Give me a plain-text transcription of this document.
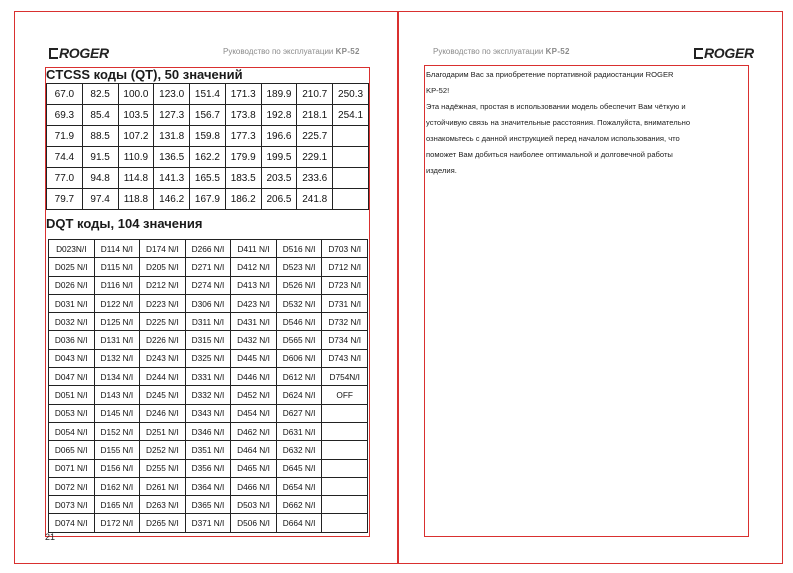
ROGER	Руководство по эксплуатации KP-52
CTCSS коды (QT), 50 значений
67.0	82.5	100.0	123.0	151.4	171.3	189.9	210.7	250.3
69.3	85.4	103.5	127.3	156.7	173.8	192.8	218.1	254.1
71.9	88.5	107.2	131.8	159.8	177.3	196.6	225.7	
74.4	91.5	110.9	136.5	162.2	179.9	199.5	229.1	
77.0	94.8	114.8	141.3	165.5	183.5	203.5	233.6	
79.7	97.4	118.8	146.2	167.9	186.2	206.5	241.8	
DQT коды, 104 значения
D023N/I	D114 N/I	D174 N/I	D266 N/I	D411 N/I	D516 N/I	D703 N/I
D025 N/I	D115 N/I	D205 N/I	D271 N/I	D412 N/I	D523 N/I	D712 N/I
D026 N/I	D116 N/I	D212 N/I	D274 N/I	D413 N/I	D526 N/I	D723 N/I
D031 N/I	D122 N/I	D223 N/I	D306 N/I	D423 N/I	D532 N/I	D731 N/I
D032 N/I	D125 N/I	D225 N/I	D311 N/I	D431 N/I	D546 N/I	D732 N/I
D036 N/I	D131 N/I	D226 N/I	D315 N/I	D432 N/I	D565 N/I	D734 N/I
D043 N/I	D132 N/I	D243 N/I	D325 N/I	D445 N/I	D606 N/I	D743 N/I
D047 N/I	D134 N/I	D244 N/I	D331 N/I	D446 N/I	D612 N/I	D754N/I
D051 N/I	D143 N/I	D245 N/I	D332 N/I	D452 N/I	D624 N/I	OFF
D053 N/I	D145 N/I	D246 N/I	D343 N/I	D454 N/I	D627 N/I	
D054 N/I	D152 N/I	D251 N/I	D346 N/I	D462 N/I	D631 N/I	
D065 N/I	D155 N/I	D252 N/I	D351 N/I	D464 N/I	D632 N/I	
D071 N/I	D156 N/I	D255 N/I	D356 N/I	D465 N/I	D645 N/I	
D072 N/I	D162 N/I	D261 N/I	D364 N/I	D466 N/I	D654 N/I	
D073 N/I	D165 N/I	D263 N/I	D365 N/I	D503 N/I	D662 N/I	
D074 N/I	D172 N/I	D265 N/I	D371 N/I	D506 N/I	D664 N/I	
21
Руководство по эксплуатации KP-52	ROGER

Благодарим Вас за приобретение портативной радиостанции ROGER

KP-52!

Эта надёжная, простая в использовании модель обеспечит Вам чёткую и

устойчивую связь на значительные расстояния. Пожалуйста, внимательно

ознакомьтесь с данной инструкцией перед началом использования, что

поможет Вам добиться наиболее оптимальной и долговечной работы

изделия.
